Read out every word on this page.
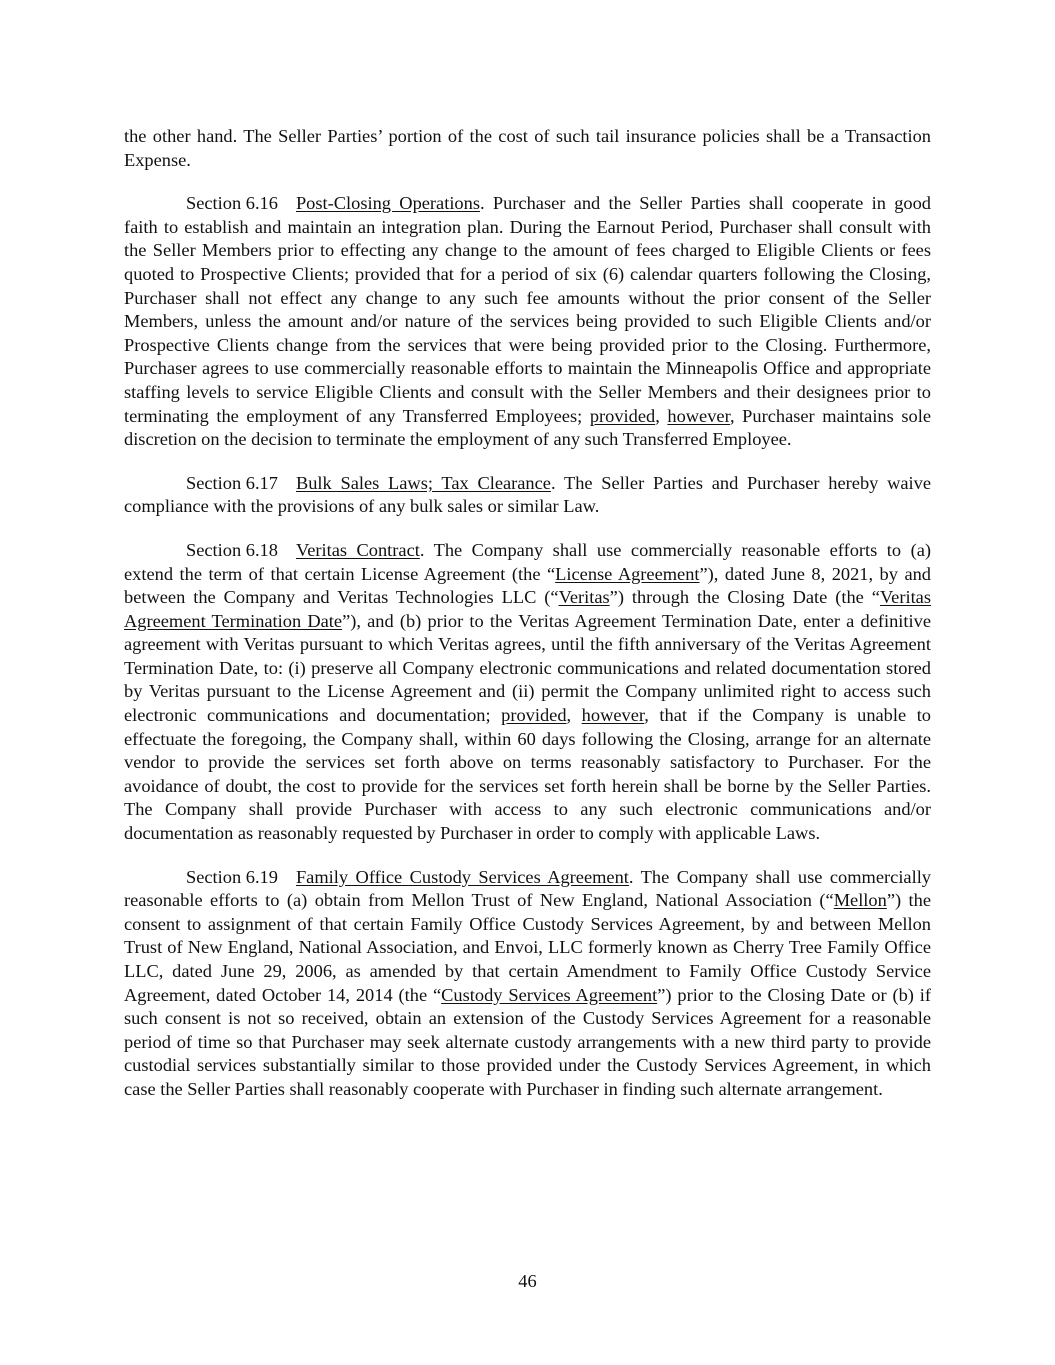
the other hand. The Seller Parties’ portion of the cost of such tail insurance policies shall be a Transaction Expense.

Section 6.16 Post-Closing Operations. Purchaser and the Seller Parties shall cooperate in good faith to establish and maintain an integration plan. During the Earnout Period, Purchaser shall consult with the Seller Members prior to effecting any change to the amount of fees charged to Eligible Clients or fees quoted to Prospective Clients; provided that for a period of six (6) calendar quarters following the Closing, Purchaser shall not effect any change to any such fee amounts without the prior consent of the Seller Members, unless the amount and/or nature of the services being provided to such Eligible Clients and/or Prospective Clients change from the services that were being provided prior to the Closing. Furthermore, Purchaser agrees to use commercially reasonable efforts to maintain the Minneapolis Office and appropriate staffing levels to service Eligible Clients and consult with the Seller Members and their designees prior to terminating the employment of any Transferred Employees; provided, however, Purchaser maintains sole discretion on the decision to terminate the employment of any such Transferred Employee.

Section 6.17 Bulk Sales Laws; Tax Clearance. The Seller Parties and Purchaser hereby waive compliance with the provisions of any bulk sales or similar Law.

Section 6.18 Veritas Contract. The Company shall use commercially reasonable efforts to (a) extend the term of that certain License Agreement (the “License Agreement”), dated June 8, 2021, by and between the Company and Veritas Technologies LLC (“Veritas”) through the Closing Date (the “Veritas Agreement Termination Date”), and (b) prior to the Veritas Agreement Termination Date, enter a definitive agreement with Veritas pursuant to which Veritas agrees, until the fifth anniversary of the Veritas Agreement Termination Date, to: (i) preserve all Company electronic communications and related documentation stored by Veritas pursuant to the License Agreement and (ii) permit the Company unlimited right to access such electronic communications and documentation; provided, however, that if the Company is unable to effectuate the foregoing, the Company shall, within 60 days following the Closing, arrange for an alternate vendor to provide the services set forth above on terms reasonably satisfactory to Purchaser. For the avoidance of doubt, the cost to provide for the services set forth herein shall be borne by the Seller Parties. The Company shall provide Purchaser with access to any such electronic communications and/or documentation as reasonably requested by Purchaser in order to comply with applicable Laws.

Section 6.19 Family Office Custody Services Agreement. The Company shall use commercially reasonable efforts to (a) obtain from Mellon Trust of New England, National Association (“Mellon”) the consent to assignment of that certain Family Office Custody Services Agreement, by and between Mellon Trust of New England, National Association, and Envoi, LLC formerly known as Cherry Tree Family Office LLC, dated June 29, 2006, as amended by that certain Amendment to Family Office Custody Service Agreement, dated October 14, 2014 (the “Custody Services Agreement”) prior to the Closing Date or (b) if such consent is not so received, obtain an extension of the Custody Services Agreement for a reasonable period of time so that Purchaser may seek alternate custody arrangements with a new third party to provide custodial services substantially similar to those provided under the Custody Services Agreement, in which case the Seller Parties shall reasonably cooperate with Purchaser in finding such alternate arrangement.

46
